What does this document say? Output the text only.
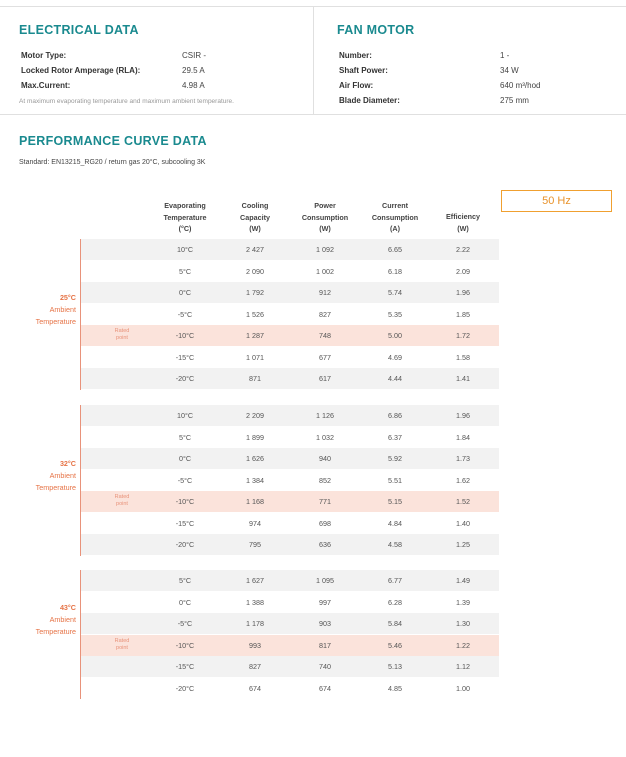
ELECTRICAL DATA
Motor Type:	CSIR -
Locked Rotor Amperage (RLA):	29.5 A
Max.Current:	4.98 A
At maximum evaporating temperature and maximum ambient temperature.
FAN MOTOR
Number:	1 -
Shaft Power:	34 W
Air Flow:	640 m³/hod
Blade Diameter:	275 mm
PERFORMANCE CURVE DATA
Standard: EN13215_RG20 / return gas 20°C, subcooling 3K
50 Hz
Evaporating
Temperature
(°C)
Cooling
Capacity
(W)
Power
Consumption
(W)
Current
Consumption
(A)
Efficiency
(W)
25°C
Ambient
Temperature
10°C	2 427	1 092	6.65	2.22
5°C	2 090	1 002	6.18	2.09
0°C	1 792	912	5.74	1.96
-5°C	1 526	827	5.35	1.85
Rated
point	-10°C	1 287	748	5.00	1.72
-15°C	1 071	677	4.69	1.58
-20°C	871	617	4.44	1.41
32°C
Ambient
Temperature
10°C	2 209	1 126	6.86	1.96
5°C	1 899	1 032	6.37	1.84
0°C	1 626	940	5.92	1.73
-5°C	1 384	852	5.51	1.62
Rated
point	-10°C	1 168	771	5.15	1.52
-15°C	974	698	4.84	1.40
-20°C	795	636	4.58	1.25
43°C
Ambient
Temperature
5°C	1 627	1 095	6.77	1.49
0°C	1 388	997	6.28	1.39
-5°C	1 178	903	5.84	1.30
Rated
point	-10°C	993	817	5.46	1.22
-15°C	827	740	5.13	1.12
-20°C	674	674	4.85	1.00
